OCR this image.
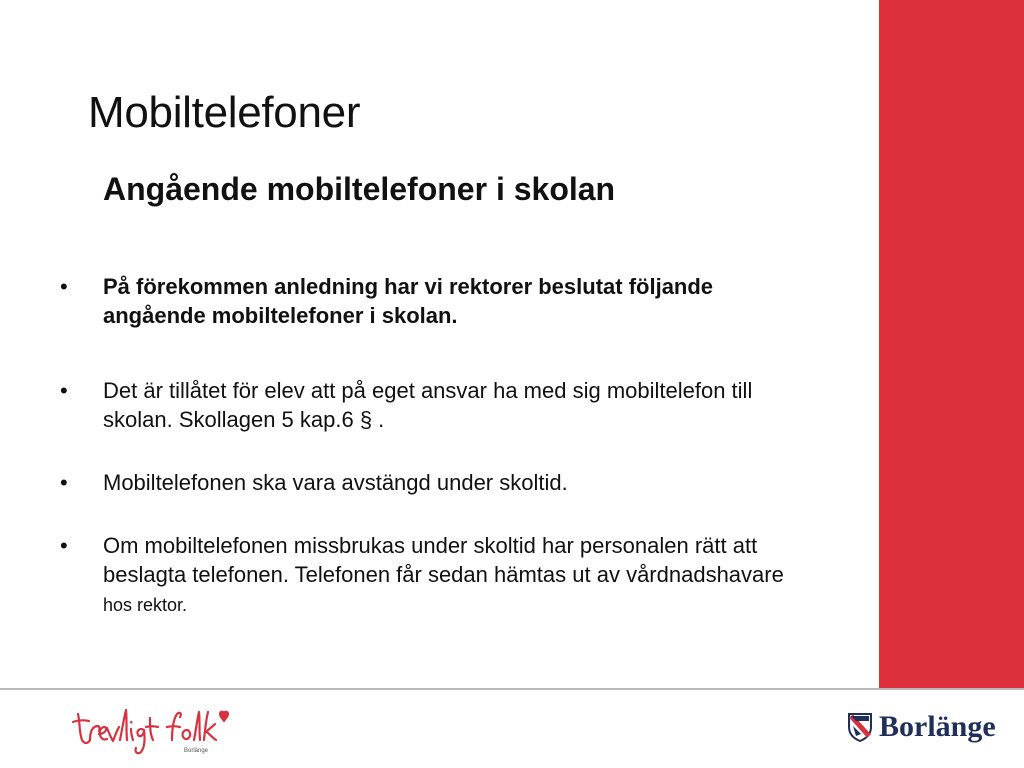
Mobiltelefoner
Angående mobiltelefoner i skolan
•	På förekommen anledning har vi rektorer beslutat följande angående mobiltelefoner i skolan.
•	Det är tillåtet för elev att på eget ansvar ha med sig mobiltelefon till skolan. Skollagen 5 kap.6 § .
•	Mobiltelefonen ska vara avstängd under skoltid.
•	Om mobiltelefonen missbrukas under skoltid har personalen rätt att beslagta telefonen. Telefonen får sedan hämtas ut av vårdnadshavare hos rektor.
Borlänge
Borlänge
